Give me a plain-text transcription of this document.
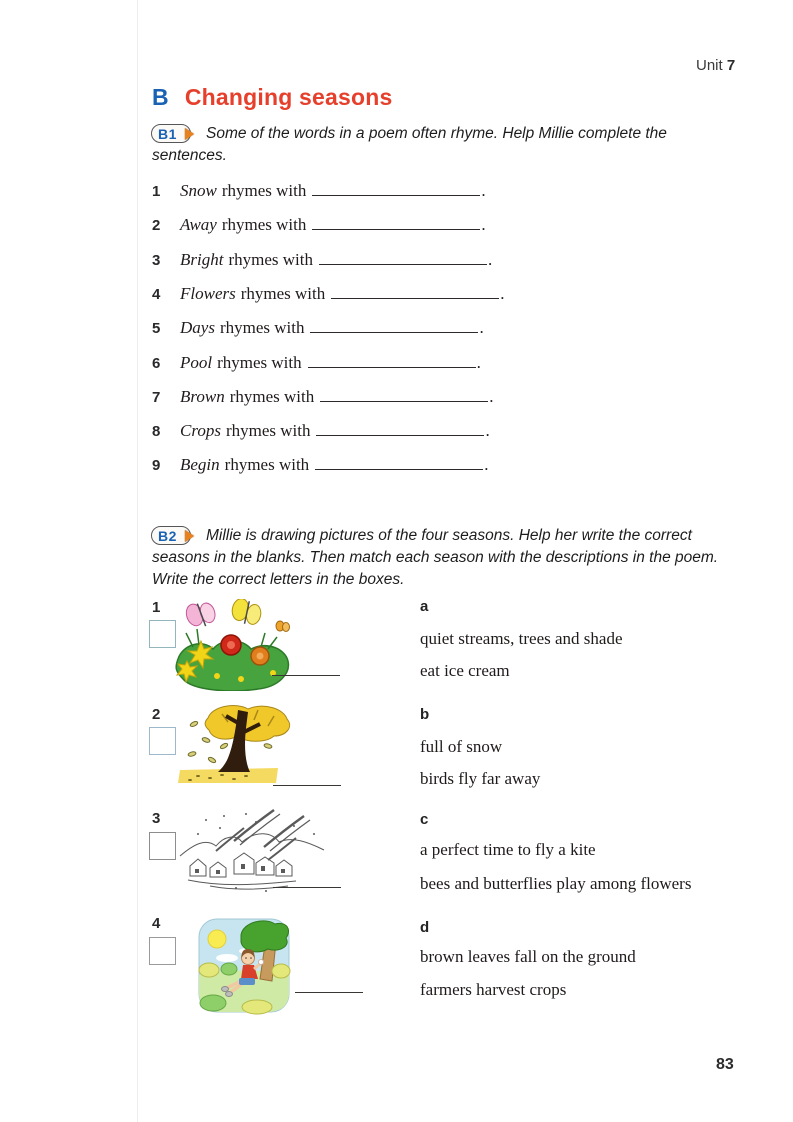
Unit 7
B Changing seasons
B1 Some of the words in a poem often rhyme. Help Millie complete the
sentences.
1 Snow rhymes with	.
2 Away rhymes with	.
3 Bright rhymes with	.
4 Flowers rhymes with	.
5 Days rhymes with	.
6 Pool rhymes with	.
7 Brown rhymes with	.
8 Crops rhymes with	.
9 Begin rhymes with	.
B2 Millie is drawing pictures of the four seasons. Help her write the correct
seasons in the blanks. Then match each season with the descriptions in the poem.
Write the correct letters in the boxes.
1	a
quiet streams, trees and shade
eat ice cream
2	b
full of snow
birds fly far away
3	c
a perfect time to fly a kite
bees and butterflies play among flowers
4	d
brown leaves fall on the ground
farmers harvest crops
83
